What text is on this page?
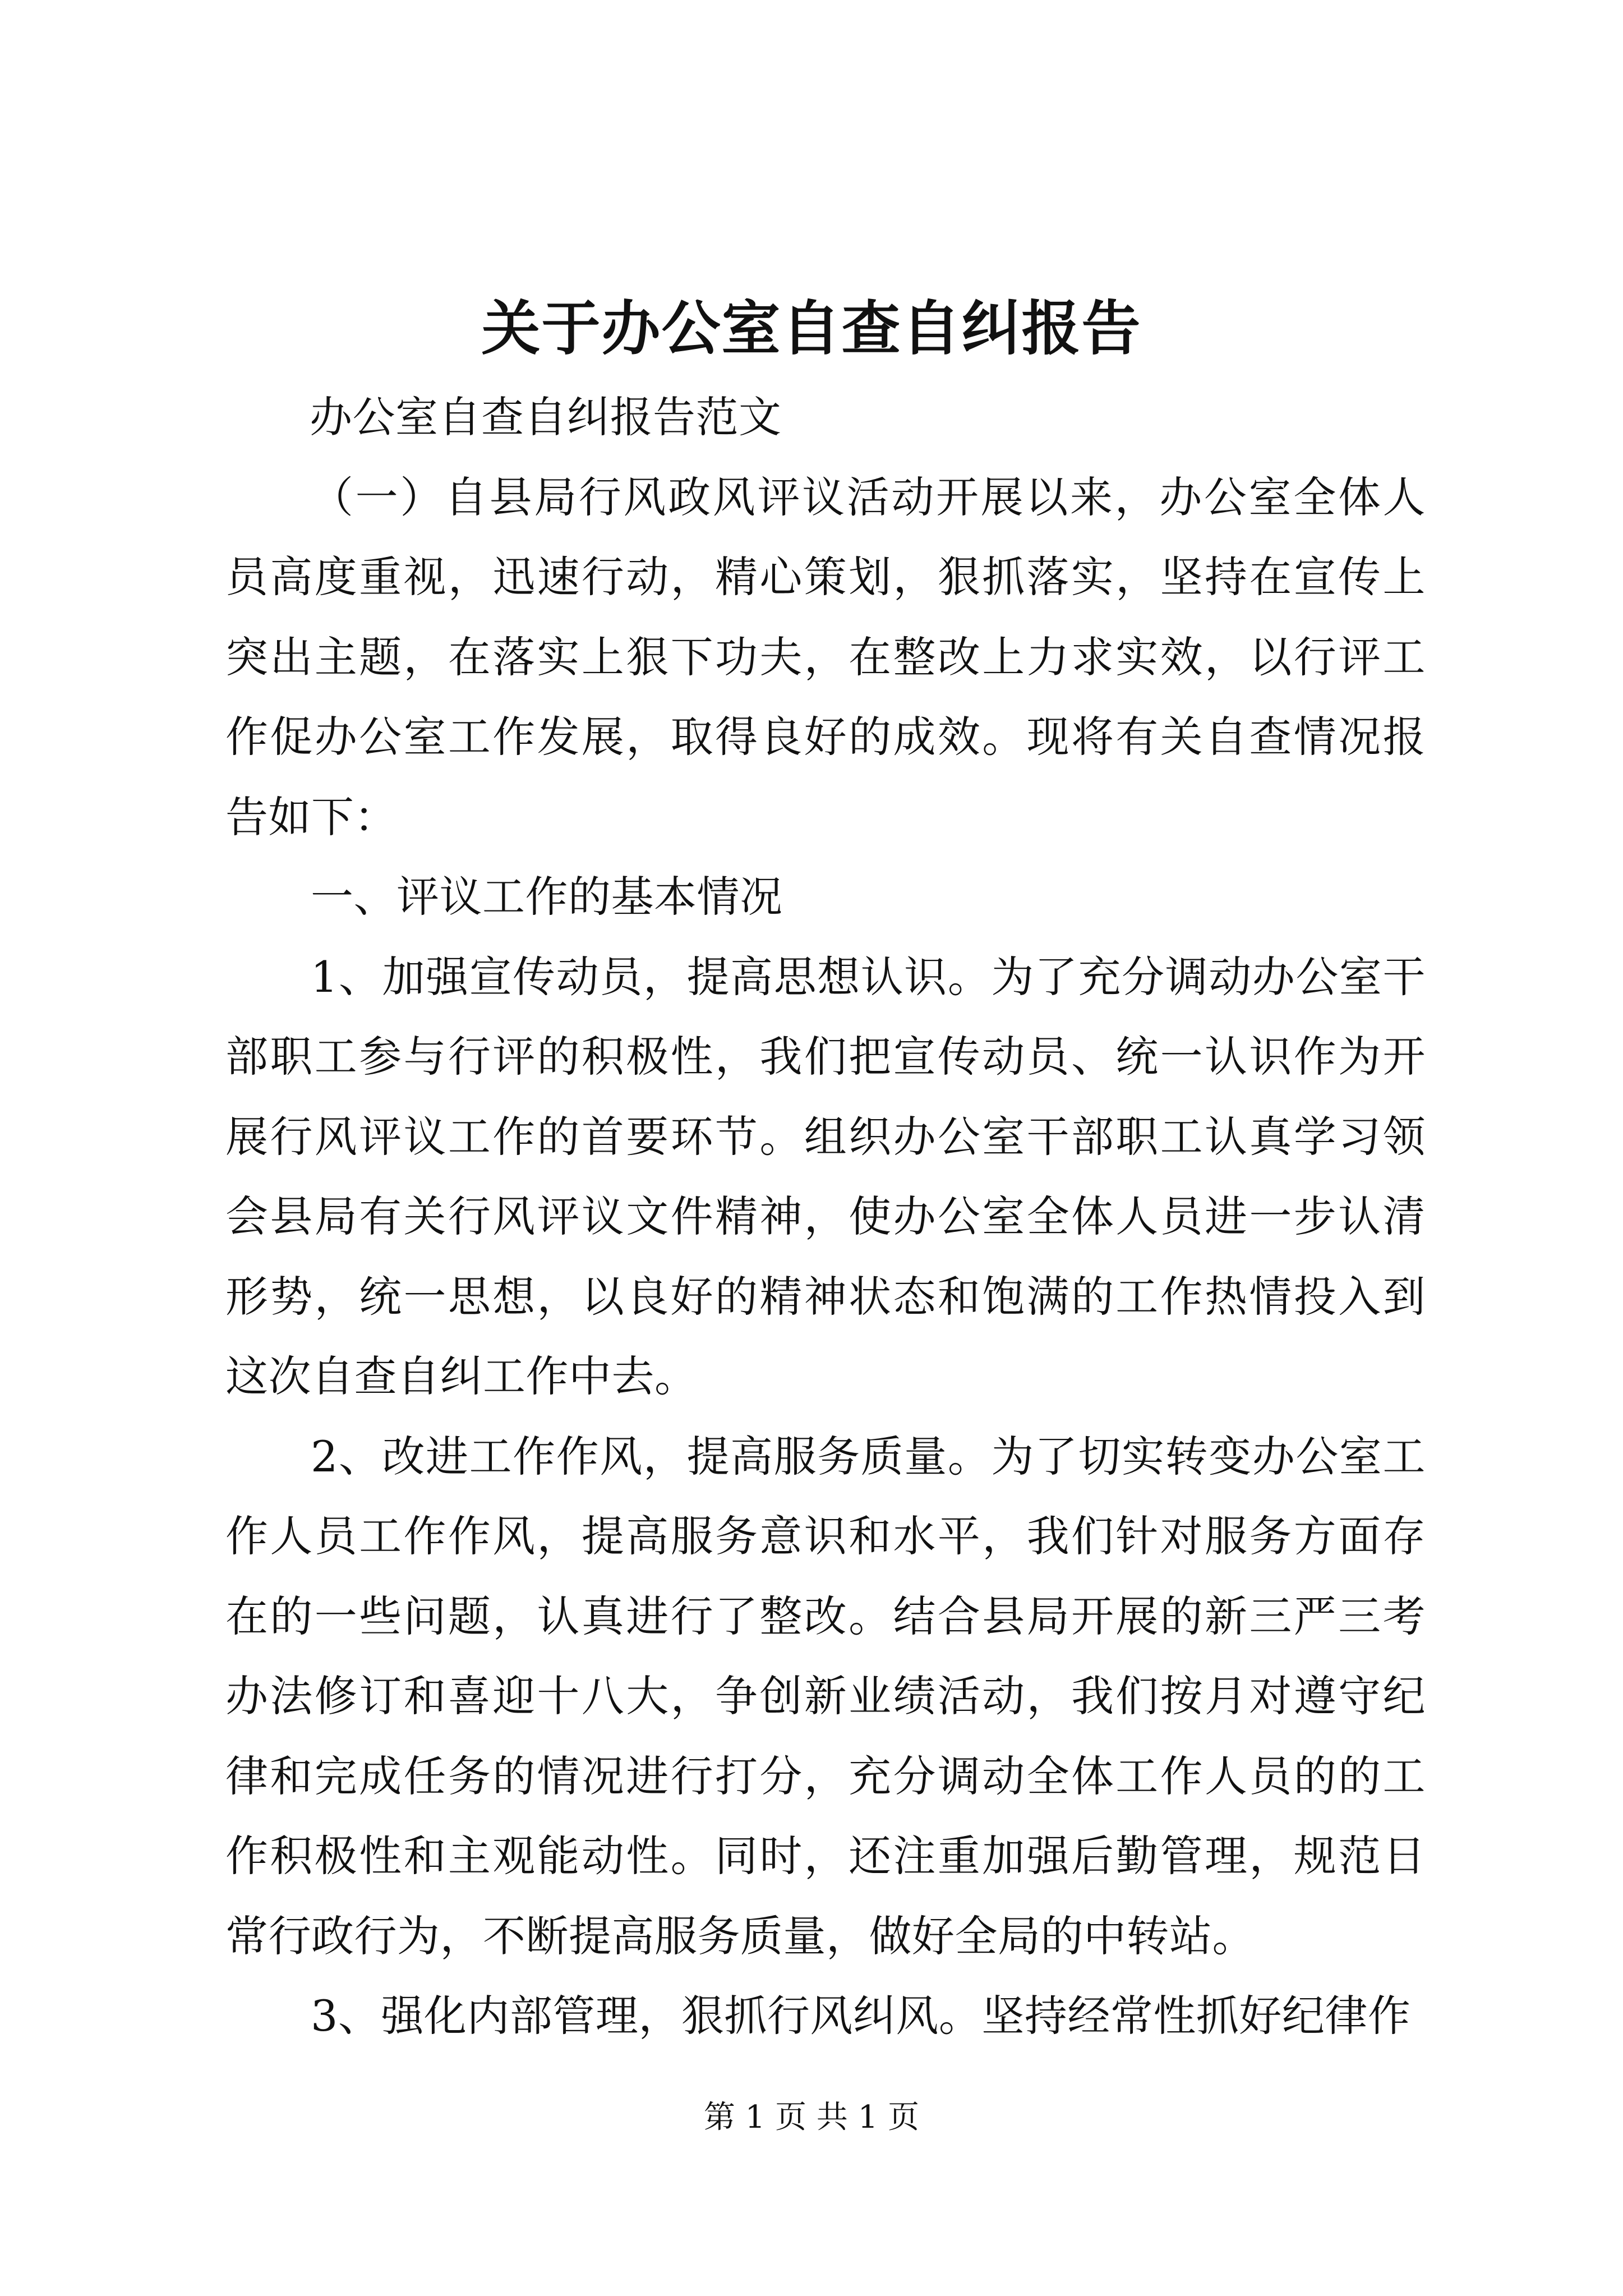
关于办公室自查自纠报告

办公室自查自纠报告范文

（一）自县局行风政风评议活动开展以来，办公室全体人员高度重视，迅速行动，精心策划，狠抓落实，坚持在宣传上突出主题，在落实上狠下功夫，在整改上力求实效，以行评工作促办公室工作发展，取得良好的成效。现将有关自查情况报告如下：

一、评议工作的基本情况

1、加强宣传动员，提高思想认识。为了充分调动办公室干部职工参与行评的积极性，我们把宣传动员、统一认识作为开展行风评议工作的首要环节。组织办公室干部职工认真学习领会县局有关行风评议文件精神，使办公室全体人员进一步认清形势，统一思想，以良好的精神状态和饱满的工作热情投入到这次自查自纠工作中去。

2、改进工作作风，提高服务质量。为了切实转变办公室工作人员工作作风，提高服务意识和水平，我们针对服务方面存在的一些问题，认真进行了整改。结合县局开展的新三严三考办法修订和喜迎十八大，争创新业绩活动，我们按月对遵守纪律和完成任务的情况进行打分，充分调动全体工作人员的的工作积极性和主观能动性。同时，还注重加强后勤管理，规范日常行政行为，不断提高服务质量，做好全局的中转站。

3、强化内部管理，狠抓行风纠风。坚持经常性抓好纪律作

第 1 页 共 1 页
